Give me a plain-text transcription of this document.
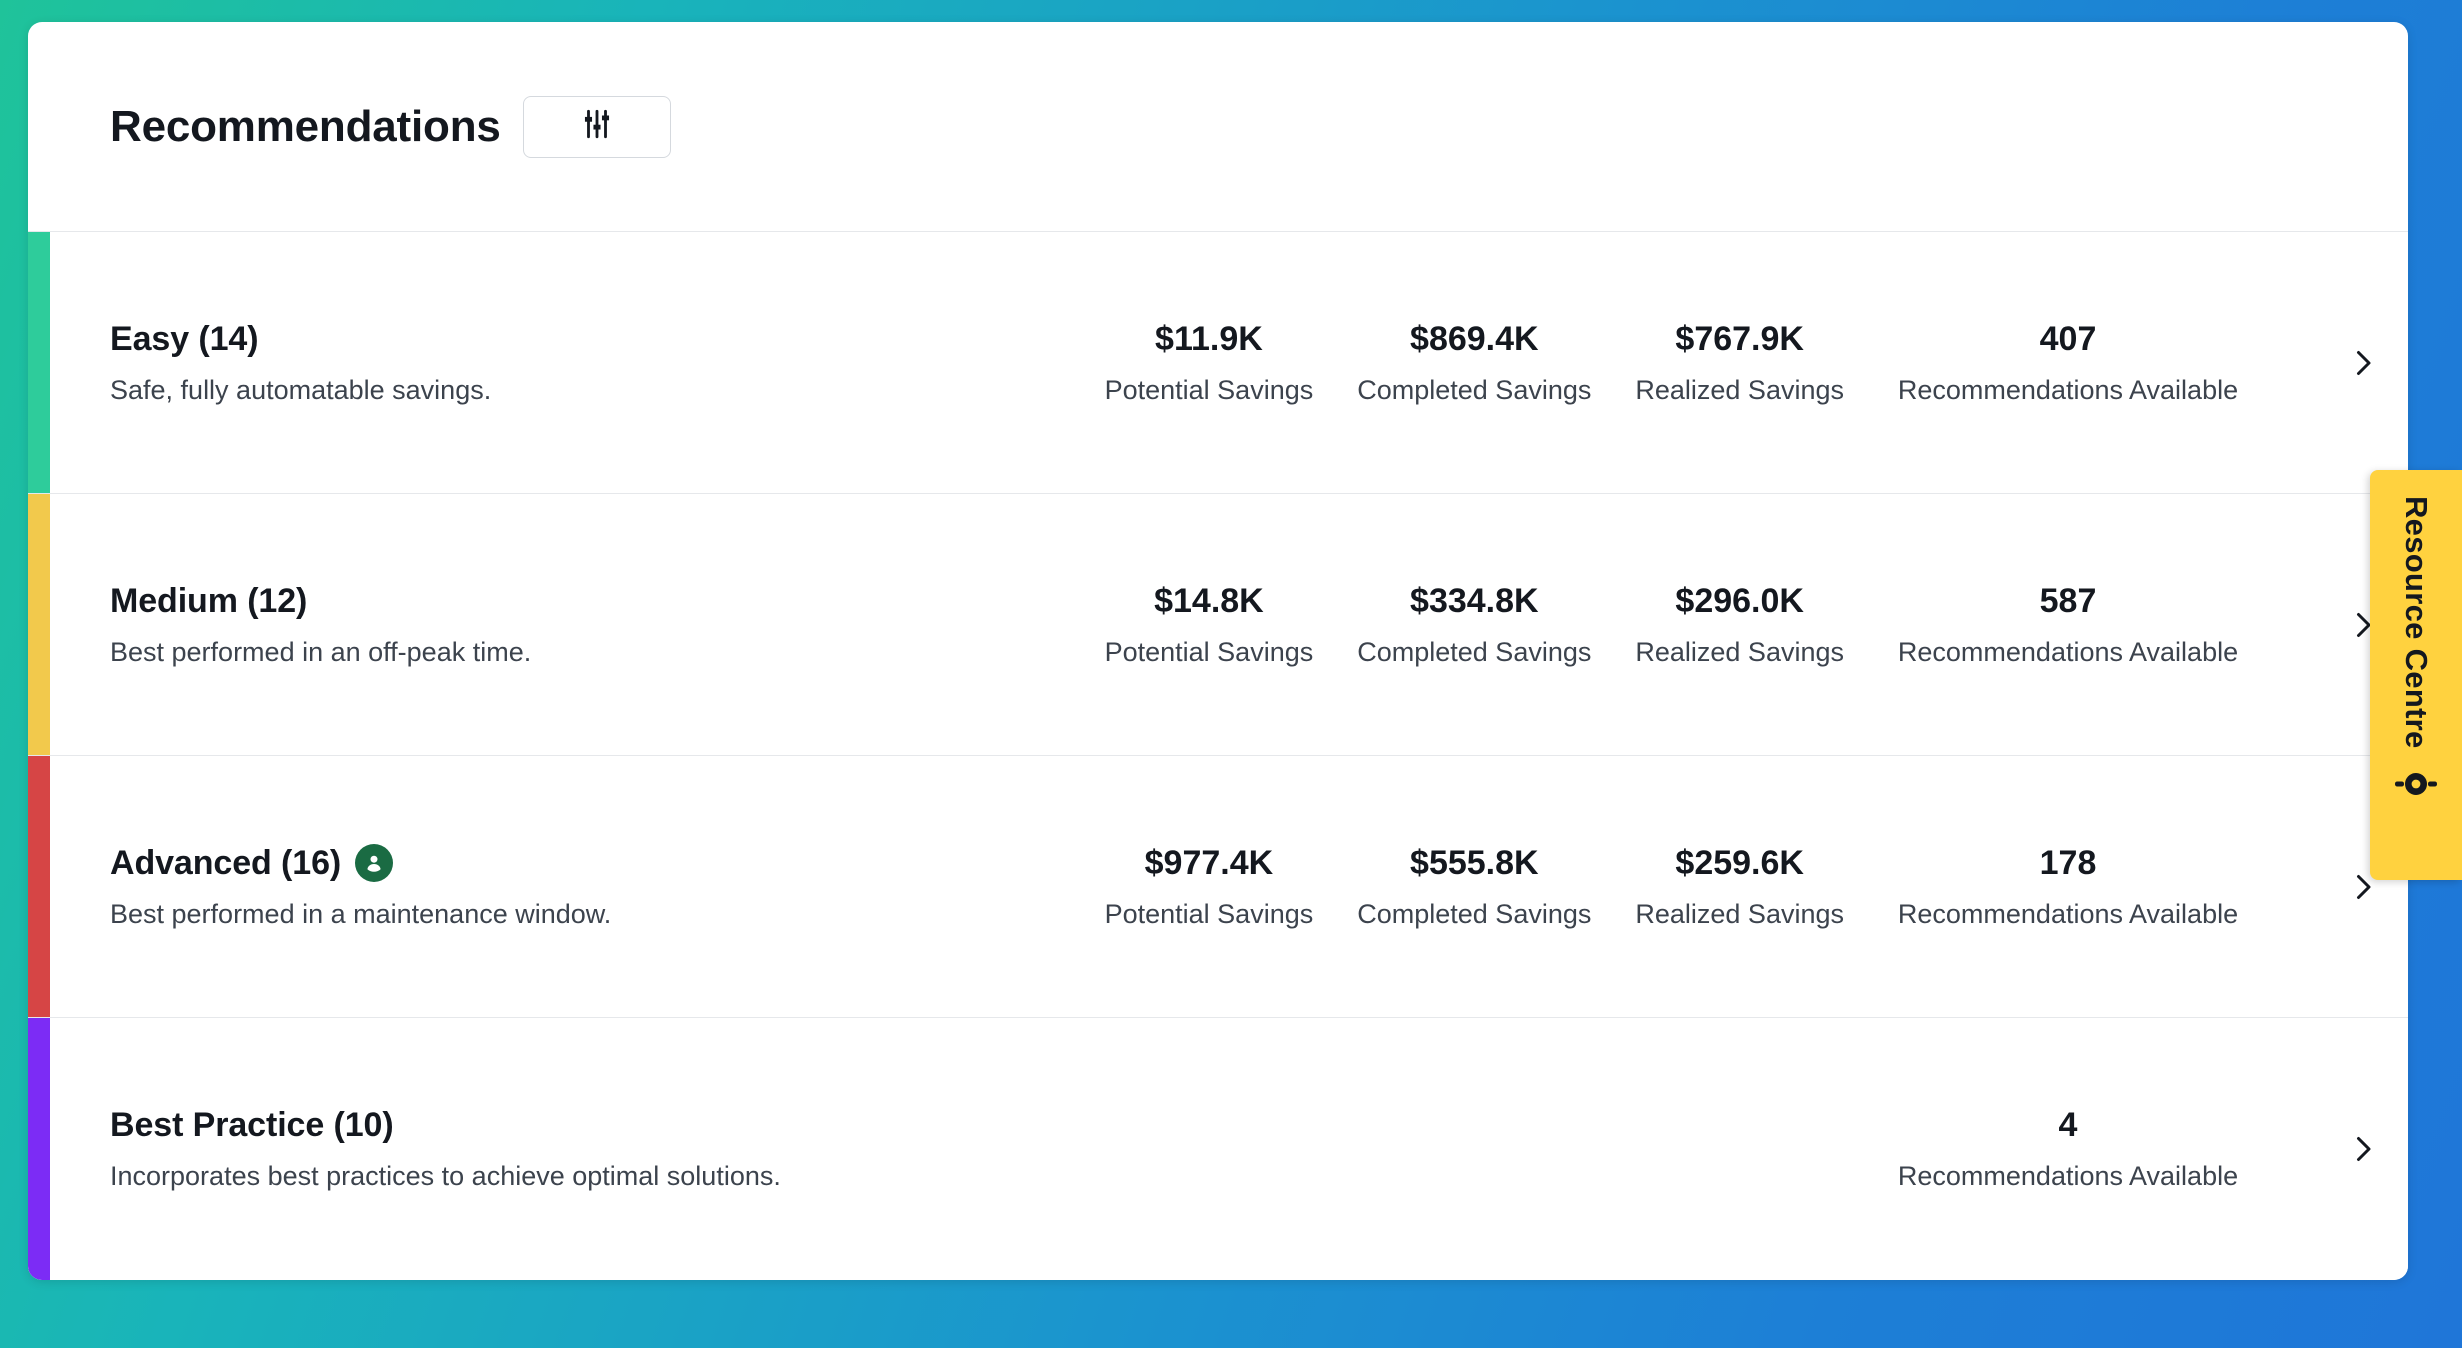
Recommendations
Easy (14)
Safe, fully automatable savings.
$11.9K
Potential Savings
$869.4K
Completed Savings
$767.9K
Realized Savings
407
Recommendations Available
Medium (12)
Best performed in an off-peak time.
$14.8K
Potential Savings
$334.8K
Completed Savings
$296.0K
Realized Savings
587
Recommendations Available
Advanced (16)
Best performed in a maintenance window.
$977.4K
Potential Savings
$555.8K
Completed Savings
$259.6K
Realized Savings
178
Recommendations Available
Best Practice (10)
Incorporates best practices to achieve optimal solutions.
4
Recommendations Available
Resource Centre
